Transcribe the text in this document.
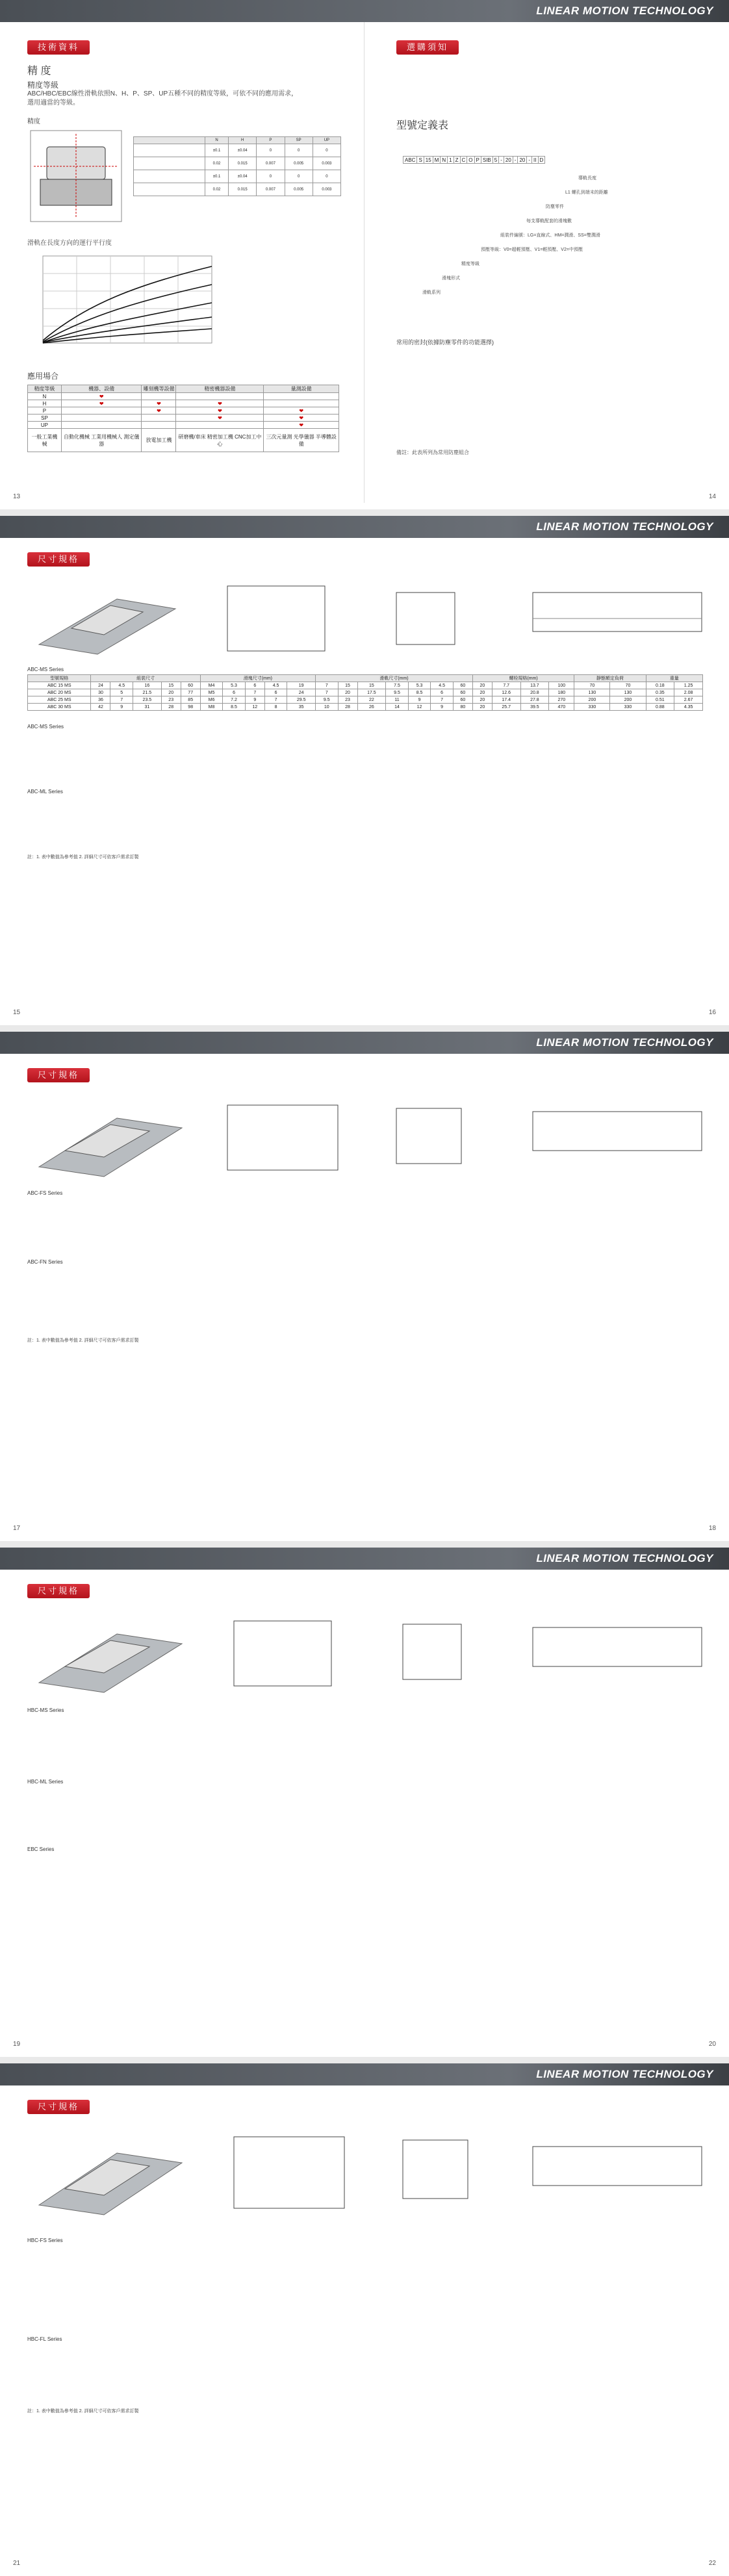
LINEAR MOTION TECHNOLOGY
技術資料
精 度
精度等級
ABC/HBC/EBC線性滑軌依照N、H、P、SP、UP五種不同的精度等級，可依不同的應用需求，
選用適當的等級。
精度
	N	H	P	SP	UP
	±0.1	±0.04	0	0	0
	0.02	0.015	0.007	0.005	0.003
	±0.1	±0.04	0	0	0
	0.02	0.015	0.007	0.005	0.003
滑軌在長度方向的運行平行度
應用場合
精度等級	機器、設備	雕刻機等設備	精密機器設備	量測設備
N	❤			
H	❤	❤	❤	
P		❤	❤	❤
SP			❤	❤
UP				❤
一般工業機械	自動化機械 工業用機械人 測定儀器	放電加工機	研磨機/車床 精密加工機 CNC加工中心	三次元量測 光學儀器 半導體設備
選購須知
型號定義表
ABC	S	15	M	N	1	Z	C	O	P	SIB	5	-	20	-	20	-	II	D
導軌長度
L1 螺孔到端末的距離
防塵零件
每支導軌配套的滑塊數
組裝件編號：LG=直線式、HM=潤滑、SS=雙潤滑
預壓等級：V0=超輕預壓、V1=輕預壓、V2=中預壓
精度等級
滑塊形式
滑軌系列
常用的密封(依據防塵零件的功能選擇)
備註：此表所列為常用防塵組合
13	14
LINEAR MOTION TECHNOLOGY
尺寸規格
ABC-MS Series
型號規格	組裝尺寸					滑塊尺寸(mm)					滑軌尺寸(mm)							螺栓規格(mm)				靜態額定負荷		重量	
ABC 15 MS	24	4.5	16	15	60	M4	5.3	6	4.5	19	7	15	15	7.5	5.3	4.5	60	20	7.7	13.7	100	70	70	0.18	1.25
ABC 20 MS	30	5	21.5	20	77	M5	6	7	6	24	7	20	17.5	9.5	8.5	6	60	20	12.6	20.8	180	130	130	0.35	2.08
ABC 25 MS	36	7	23.5	23	85	M6	7.2	9	7	29.5	9.5	23	22	11	9	7	60	20	17.4	27.8	270	200	200	0.51	2.67
ABC 30 MS	42	9	31	28	98	M8	8.5	12	8	35	10	28	26	14	12	9	80	20	25.7	39.5	470	330	330	0.88	4.35
ABC-MS Series
ABC-ML Series
註：1. 表中數值為參考值 2. 詳細尺寸可依客戶需求訂製
15	16
LINEAR MOTION TECHNOLOGY
尺寸規格
ABC-FS Series
ABC-FN Series
註：1. 表中數值為參考值 2. 詳細尺寸可依客戶需求訂製
17	18
LINEAR MOTION TECHNOLOGY
尺寸規格
HBC-MS Series
HBC-ML Series
EBC Series
19	20
LINEAR MOTION TECHNOLOGY
尺寸規格
HBC-FS Series
HBC-FL Series
註：1. 表中數值為參考值 2. 詳細尺寸可依客戶需求訂製
21	22
